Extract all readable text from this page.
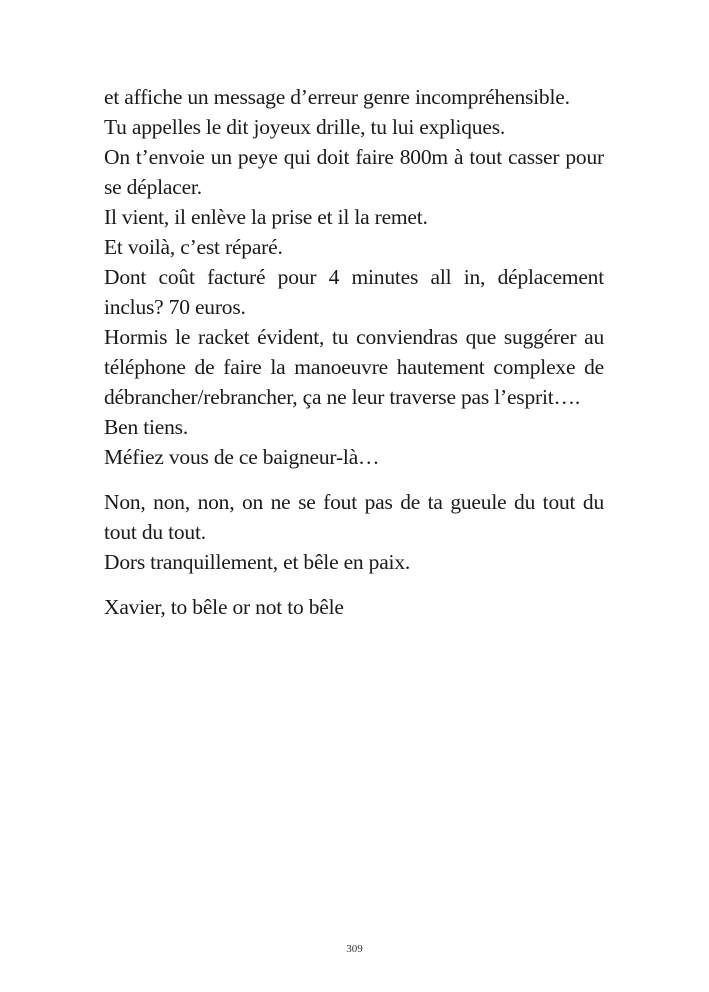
et affiche un message d’erreur genre incompréhensible.

Tu appelles le dit joyeux drille, tu lui expliques.

On t’envoie un peye qui doit faire 800m à tout casser pour se déplacer.

Il vient, il enlève la prise et il la remet.

Et voilà, c’est réparé.

Dont coût facturé pour 4 minutes all in, déplacement inclus? 70 euros.

Hormis le racket évident, tu conviendras que suggérer au téléphone de faire la manoeuvre hautement complexe de débrancher/rebrancher, ça ne leur traverse pas l’esprit….

Ben tiens.

Méfiez vous de ce baigneur-là…

Non, non, non, on ne se fout pas de ta gueule du tout du tout du tout.

Dors tranquillement, et bêle en paix.

Xavier, to bêle or not to bêle

309
